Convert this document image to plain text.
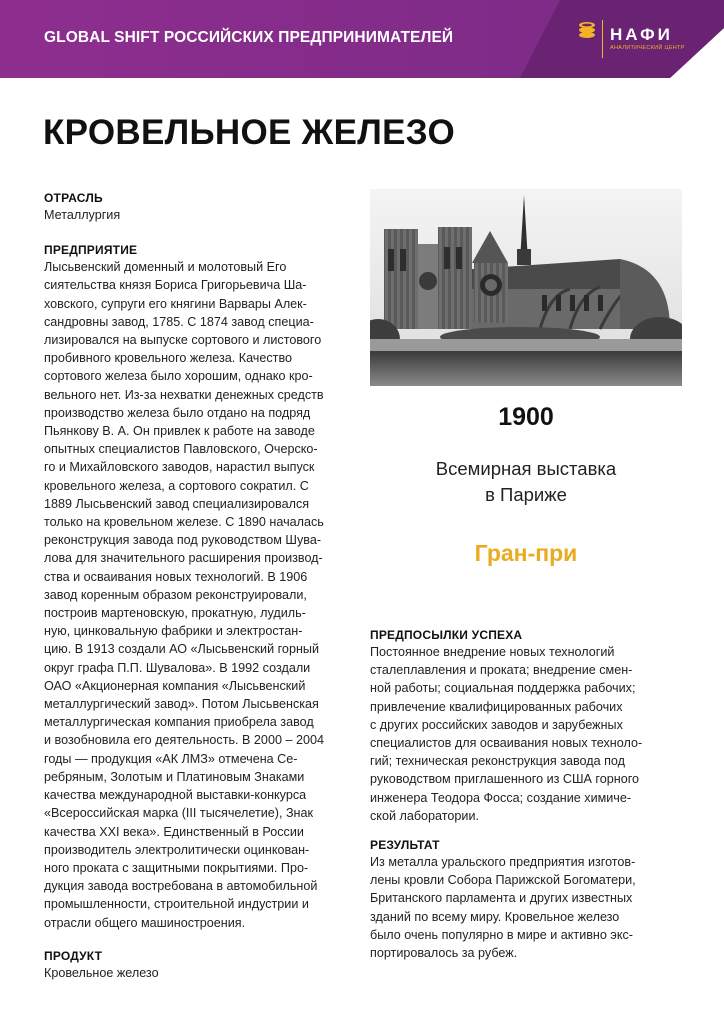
GLOBAL SHIFT РОССИЙСКИХ ПРЕДПРИНИМАТЕЛЕЙ	НАФИ
АНАЛИТИЧЕСКИЙ ЦЕНТР
КРОВЕЛЬНОЕ ЖЕЛЕЗО
ОТРАСЛЬ
Металлургия
ПРЕДПРИЯТИЕ
Лысьвенский доменный и молотовый Его
сиятельства князя Бориса Григорьевича Ша-
ховского, супруги его княгини Варвары Алек-
сандровны завод, 1785. С 1874 завод специа-
лизировался на выпуске сортового и листового
пробивного кровельного железа. Качество
сортового железа было хорошим, однако кро-
вельного нет. Из-за нехватки денежных средств
производство железа было отдано на подряд
Пьянкову В. А. Он привлек к работе на заводе
опытных специалистов Павловского, Очерско-
го и Михайловского заводов, нарастил выпуск
кровельного железа, а сортового сократил. С
1889 Лысьвенский завод специализировался
только на кровельном железе. С 1890 началась
реконструкция завода под руководством Шува-
лова для значительного расширения производ-
ства и осваивания новых технологий. В 1906
завод коренным образом реконструировали,
построив мартеновскую, прокатную, лудиль-
ную, цинковальную фабрики и электростан-
цию. В 1913 создали АО «Лысьвенский горный
округ графа П.П. Шувалова». В 1992 создали
ОАО «Акционерная компания «Лысьвенский
металлургический завод». Потом Лысьвенская
металлургическая компания приобрела завод
и возобновила его деятельность. В 2000 – 2004
годы — продукция «АК ЛМЗ» отмечена Се-
ребряным, Золотым и Платиновым Знаками
качества международной выставки-конкурса
«Всероссийская марка (III тысячелетие), Знак
качества XXI века». Единственный в России
производитель электролитически оцинкован-
ного проката с защитными покрытиями. Про-
дукция завода востребована в автомобильной
промышленности, строительной индустрии и
отрасли общего машиностроения.
ПРОДУКТ
Кровельное железо
1900
Всемирная выставка
в Париже
Гран-при
ПРЕДПОСЫЛКИ УСПЕХА
Постоянное внедрение новых технологий
сталеплавления и проката; внедрение смен-
ной работы; социальная поддержка рабочих;
привлечение квалифицированных рабочих
с других российских заводов и зарубежных
специалистов для осваивания новых техноло-
гий; техническая реконструкция завода под
руководством приглашенного из США горного
инженера Теодора Фосса; создание химиче-
ской лаборатории.
РЕЗУЛЬТАТ
Из металла уральского предприятия изготов-
лены кровли Собора Парижской Богоматери,
Британского парламента и других известных
зданий по всему миру. Кровельное железо
было очень популярно в мире и активно экс-
портировалось за рубеж.
